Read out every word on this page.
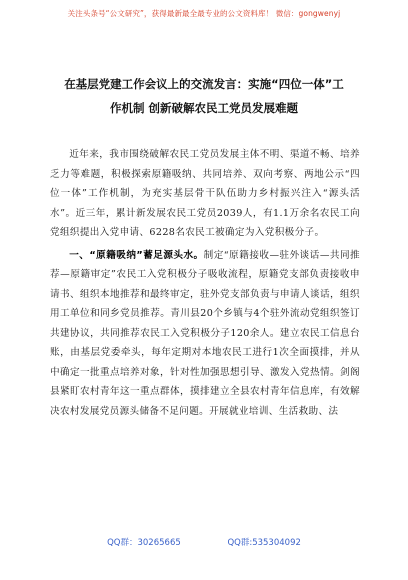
关注头条号“公文研究”，获得最新最全最专业的公文资料库！ 微信：gongwenyj
在基层党建工作会议上的交流发言：实施“四位一体”工
作机制 创新破解农民工党员发展难题

近年来，我市围绕破解农民工党员发展主体不明、渠道不畅、培养乏力等难题，积极探索原籍吸纳、共同培养、双向考察、两地公示“四位一体”工作机制，为充实基层骨干队伍助力乡村振兴注入“源头活水”。近三年，累计新发展农民工党员2039人，有1.1万余名农民工向党组织提出入党申请、6228名农民工被确定为入党积极分子。

一、“原籍吸纳”蓄足源头水。制定“原籍接收—驻外谈话—共同推荐—原籍审定”农民工入党积极分子吸收流程，原籍党支部负责接收申请书、组织本地推荐和最终审定，驻外党支部负责与申请人谈话，组织用工单位和同乡党员推荐。青川县20个乡镇与4个驻外流动党组织签订共建协议，共同推荐农民工入党积极分子120余人。建立农民工信息台账，由基层党委牵头，每年定期对本地农民工进行1次全面摸排，并从中确定一批重点培养对象，针对性加强思想引导、激发入党热情。剑阁县紧盯农村青年这一重点群体，摸排建立全县农村青年信息库，有效解决农村发展党员源头储备不足问题。开展就业培训、生活救助、法

QQ群：30265665	QQ群:535304092
